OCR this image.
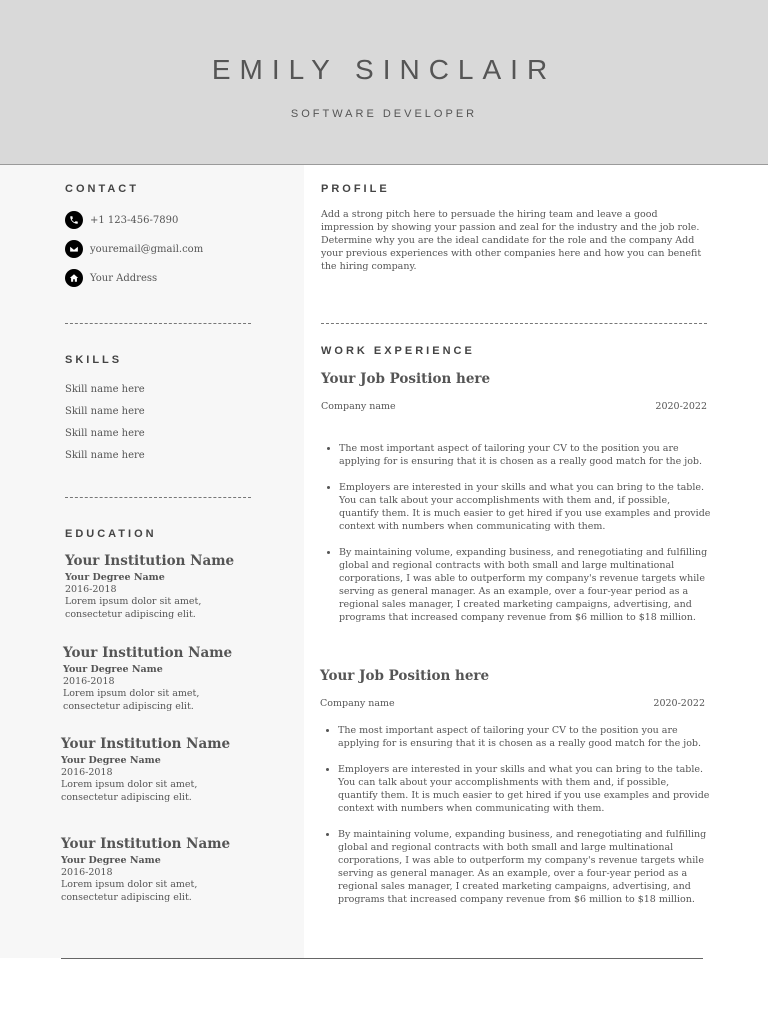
EMILY SINCLAIR
SOFTWARE DEVELOPER
CONTACT
+1 123-456-7890
youremail@gmail.com
Your Address
SKILLS
Skill name here
Skill name here
Skill name here
Skill name here
EDUCATION
Your Institution Name
Your Degree Name
2016-2018
Lorem ipsum dolor sit amet, consectetur adipiscing elit.
Your Institution Name
Your Degree Name
2016-2018
Lorem ipsum dolor sit amet, consectetur adipiscing elit.
Your Institution Name
Your Degree Name
2016-2018
Lorem ipsum dolor sit amet, consectetur adipiscing elit.
Your Institution Name
Your Degree Name
2016-2018
Lorem ipsum dolor sit amet, consectetur adipiscing elit.
PROFILE
Add a strong pitch here to persuade the hiring team and leave a good impression by showing your passion and zeal for the industry and the job role. Determine why you are the ideal candidate for the role and the company Add your previous experiences with other companies here and how you can benefit the hiring company.
WORK EXPERIENCE
Your Job Position here
Company name	2020-2022
• The most important aspect of tailoring your CV to the position you are applying for is ensuring that it is chosen as a really good match for the job.
• Employers are interested in your skills and what you can bring to the table. You can talk about your accomplishments with them and, if possible, quantify them. It is much easier to get hired if you use examples and provide context with numbers when communicating with them.
• By maintaining volume, expanding business, and renegotiating and fulfilling global and regional contracts with both small and large multinational corporations, I was able to outperform my company's revenue targets while serving as general manager. As an example, over a four-year period as a regional sales manager, I created marketing campaigns, advertising, and programs that increased company revenue from $6 million to $18 million.
Your Job Position here
Company name	2020-2022
• The most important aspect of tailoring your CV to the position you are applying for is ensuring that it is chosen as a really good match for the job.
• Employers are interested in your skills and what you can bring to the table. You can talk about your accomplishments with them and, if possible, quantify them. It is much easier to get hired if you use examples and provide context with numbers when communicating with them.
• By maintaining volume, expanding business, and renegotiating and fulfilling global and regional contracts with both small and large multinational corporations, I was able to outperform my company's revenue targets while serving as general manager. As an example, over a four-year period as a regional sales manager, I created marketing campaigns, advertising, and programs that increased company revenue from $6 million to $18 million.
